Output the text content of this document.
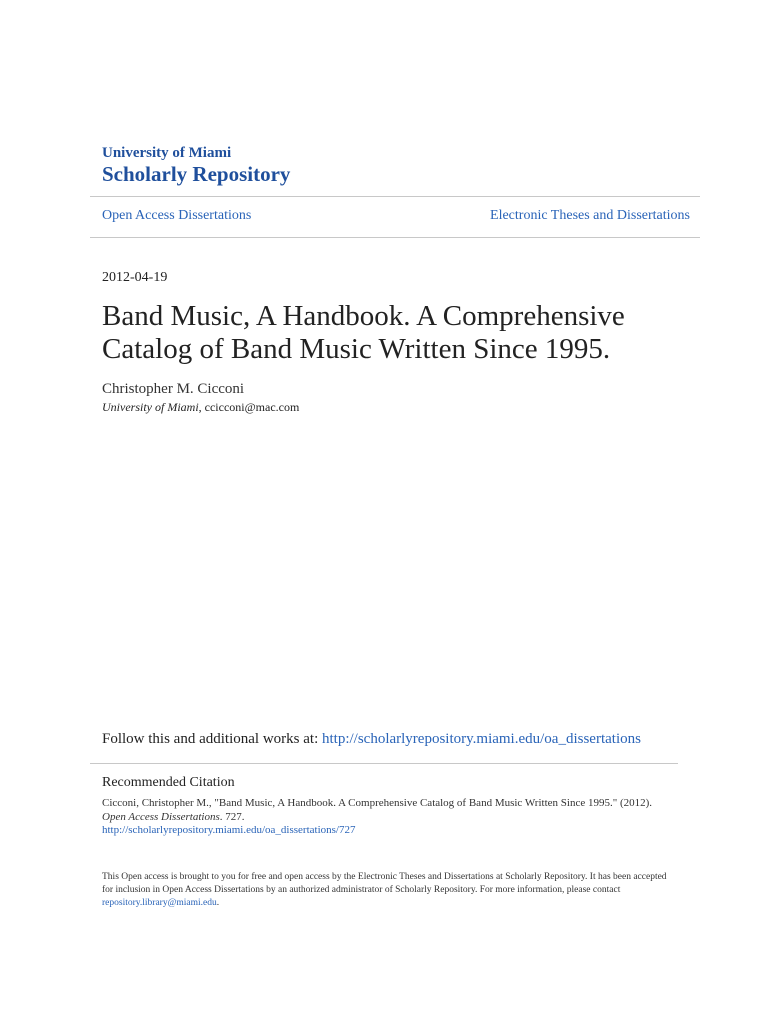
University of Miami
Scholarly Repository
Open Access Dissertations	Electronic Theses and Dissertations
2012-04-19
Band Music, A Handbook. A Comprehensive
Catalog of Band Music Written Since 1995.
Christopher M. Cicconi
University of Miami, ccicconi@mac.com
Follow this and additional works at: http://scholarlyrepository.miami.edu/oa_dissertations
Recommended Citation
Cicconi, Christopher M., "Band Music, A Handbook. A Comprehensive Catalog of Band Music Written Since 1995." (2012). Open Access Dissertations. 727.
http://scholarlyrepository.miami.edu/oa_dissertations/727
This Open access is brought to you for free and open access by the Electronic Theses and Dissertations at Scholarly Repository. It has been accepted for inclusion in Open Access Dissertations by an authorized administrator of Scholarly Repository. For more information, please contact
repository.library@miami.edu.
